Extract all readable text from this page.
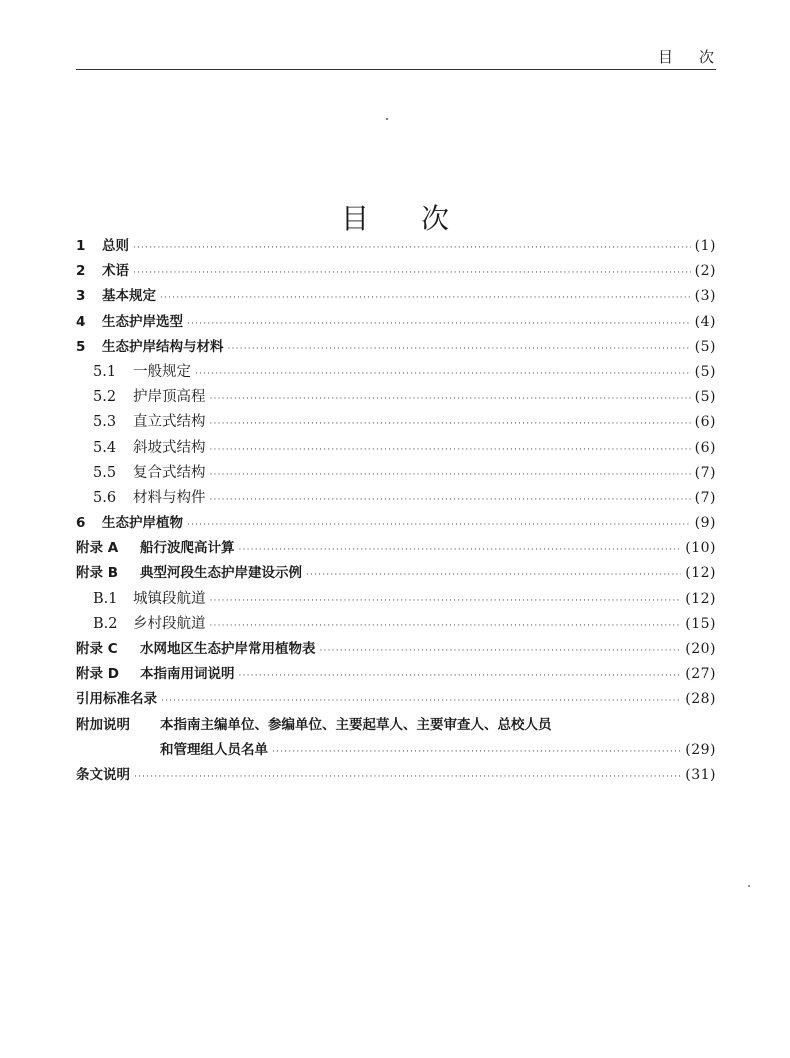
目 次
目 次
1	总则 ·····	(1)
2	术语 ·····	(2)
3	基本规定 ·····	(3)
4	生态护岸选型 ·····	(4)
5	生态护岸结构与材料 ·····	(5)
5.1	一般规定 ·····	(5)
5.2	护岸顶高程 ·····	(5)
5.3	直立式结构 ·····	(6)
5.4	斜坡式结构 ·····	(6)
5.5	复合式结构 ·····	(7)
5.6	材料与构件 ·····	(7)
6	生态护岸植物 ·····	(9)
附录 A	船行波爬高计算 ·····	(10)
附录 B	典型河段生态护岸建设示例 ·····	(12)
B.1	城镇段航道 ·····	(12)
B.2	乡村段航道 ·····	(15)
附录 C	水网地区生态护岸常用植物表 ·····	(20)
附录 D	本指南用词说明 ·····	(27)
引用标准名录 ·····	(28)
附加说明	本指南主编单位、参编单位、主要起草人、主要审查人、总校人员
和管理组人员名单 ·····	(29)
条文说明 ·····	(31)
